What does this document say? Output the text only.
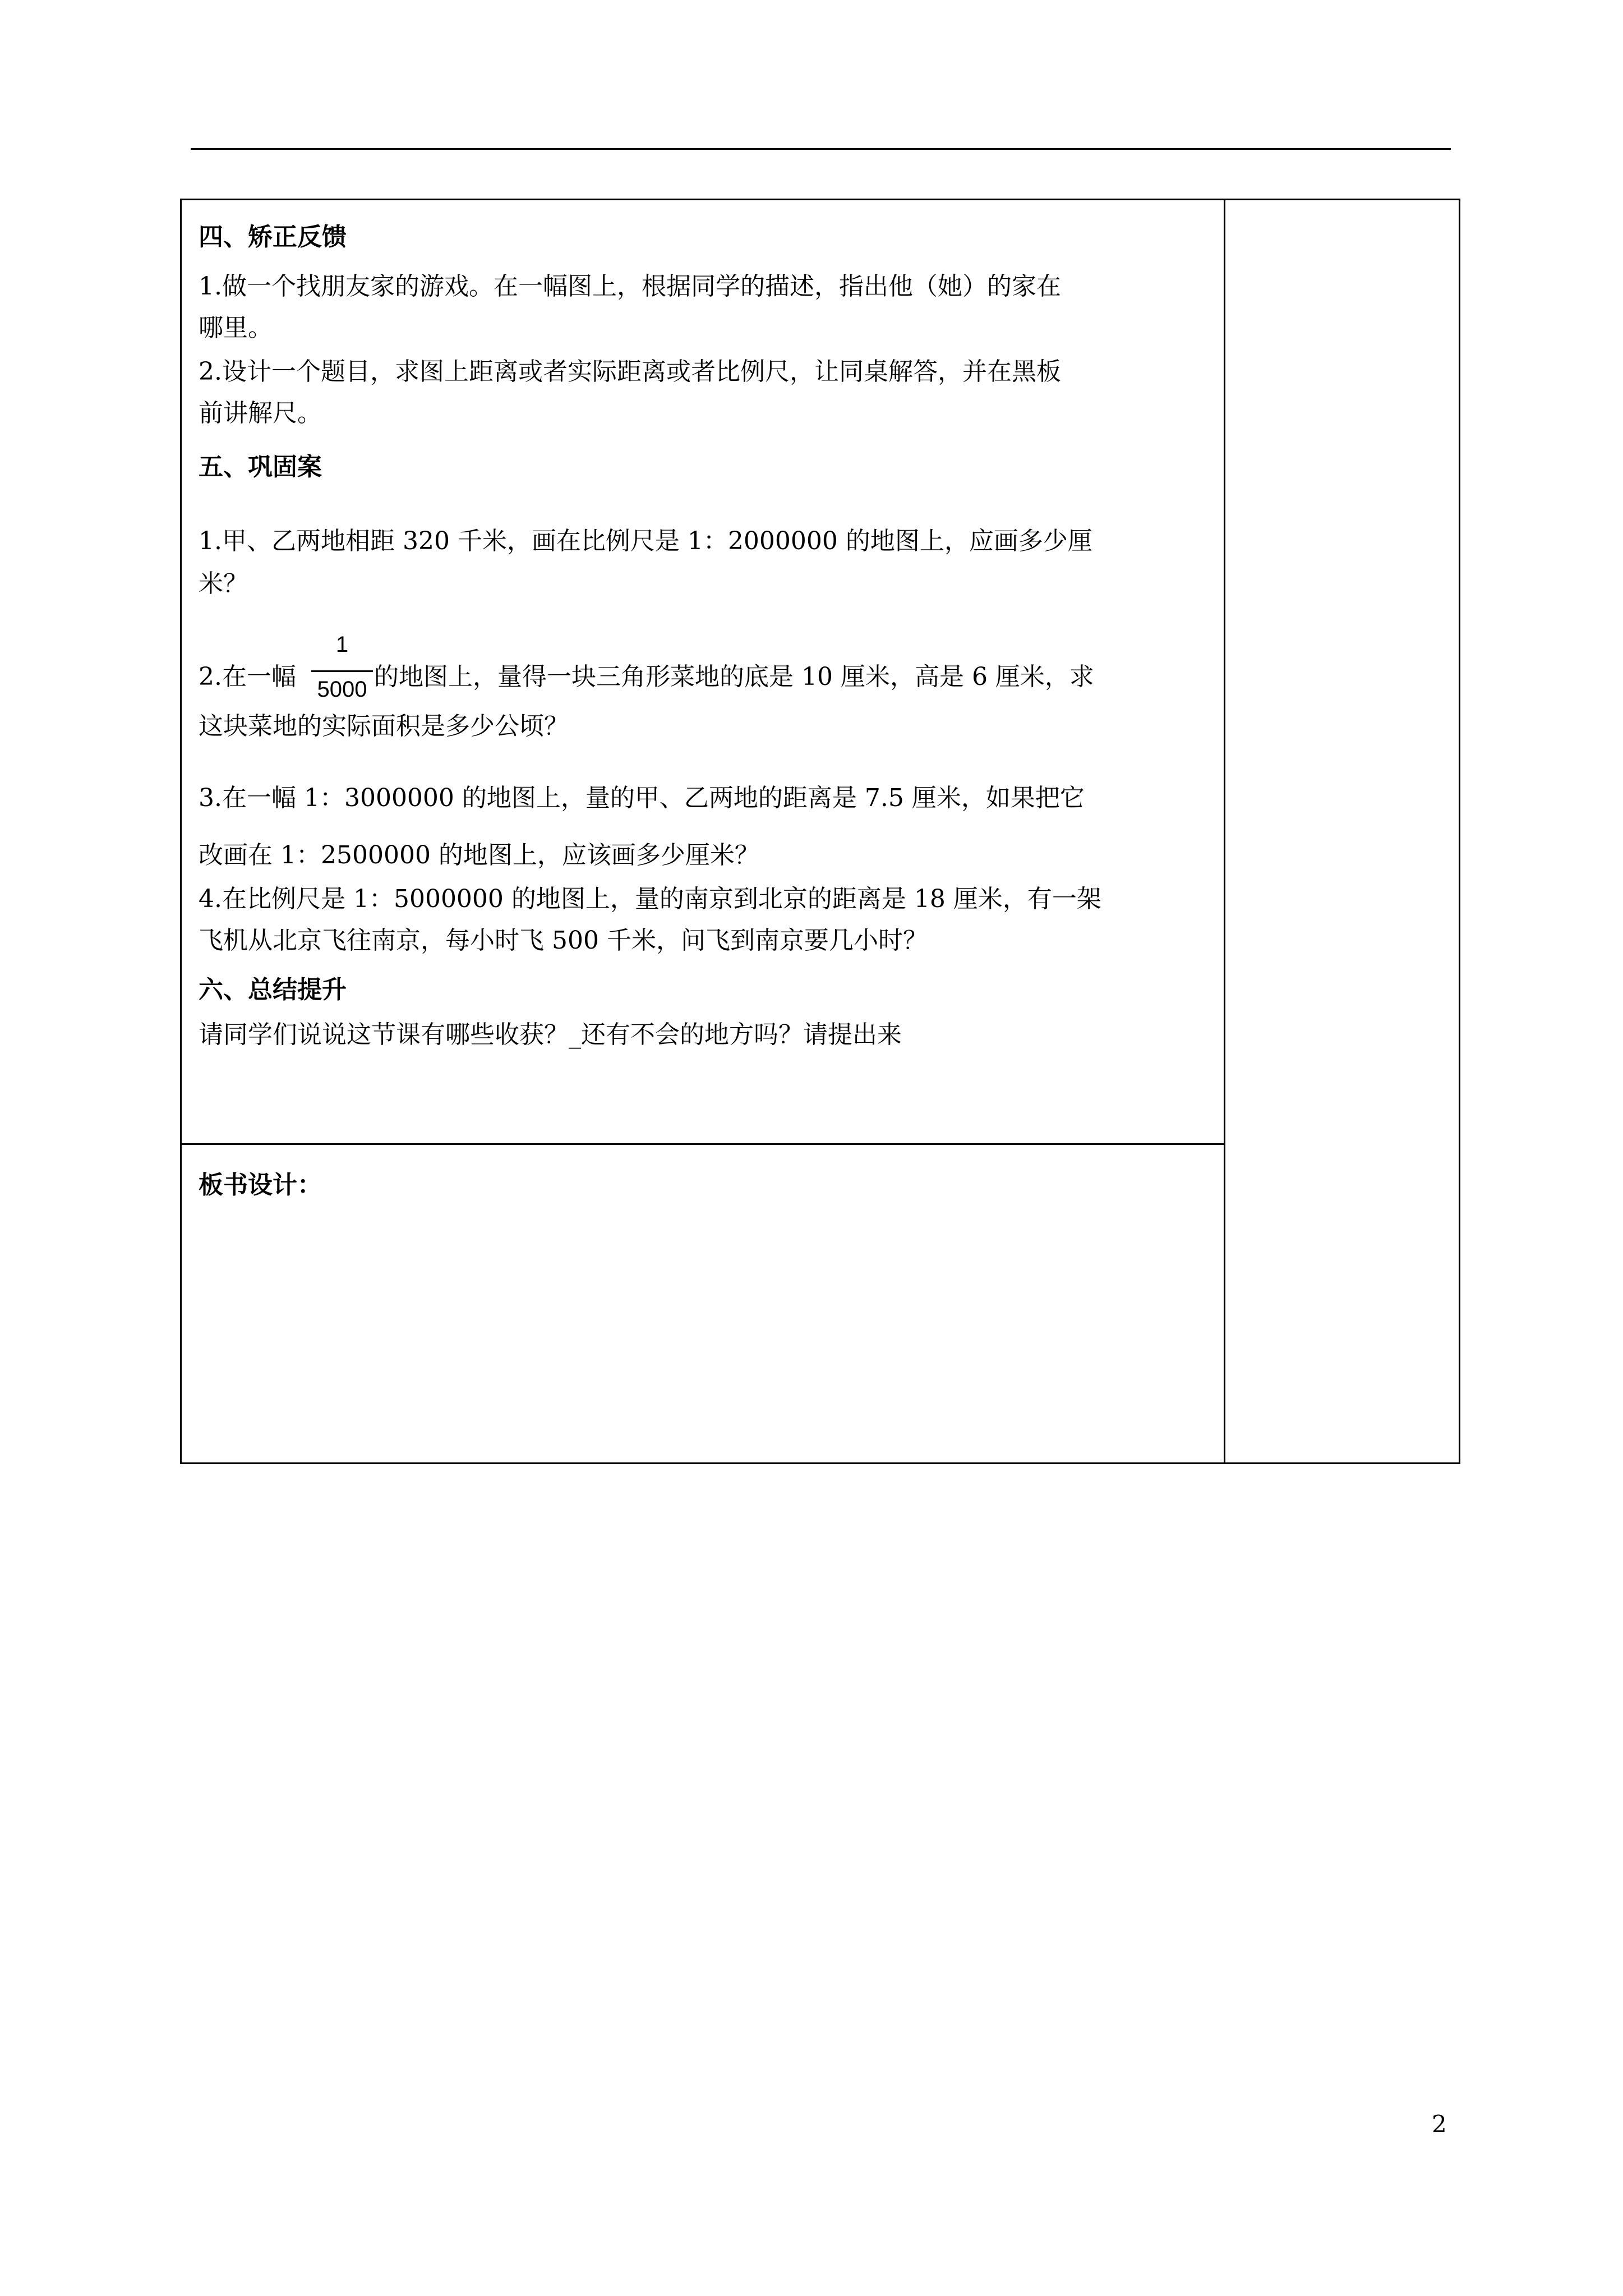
四、矫正反馈
1.做一个找朋友家的游戏。在一幅图上，根据同学的描述，指出他（她）的家在
哪里。
2.设计一个题目，求图上距离或者实际距离或者比例尺，让同桌解答，并在黑板
前讲解尺。
五、巩固案
1.甲、乙两地相距 320 千米，画在比例尺是 1：2000000 的地图上，应画多少厘
米？
2.在一幅
1
5000 的地图上，量得一块三角形菜地的底是 10 厘米，高是 6 厘米，求
这块菜地的实际面积是多少公顷？
3.在一幅 1：3000000 的地图上，量的甲、乙两地的距离是 7.5 厘米，如果把它
改画在 1：2500000 的地图上，应该画多少厘米？
4.在比例尺是 1：5000000 的地图上，量的南京到北京的距离是 18 厘米，有一架
飞机从北京飞往南京，每小时飞 500 千米，问飞到南京要几小时？
六、总结提升
请同学们说说这节课有哪些收获？_还有不会的地方吗？请提出来
板书设计：
2
